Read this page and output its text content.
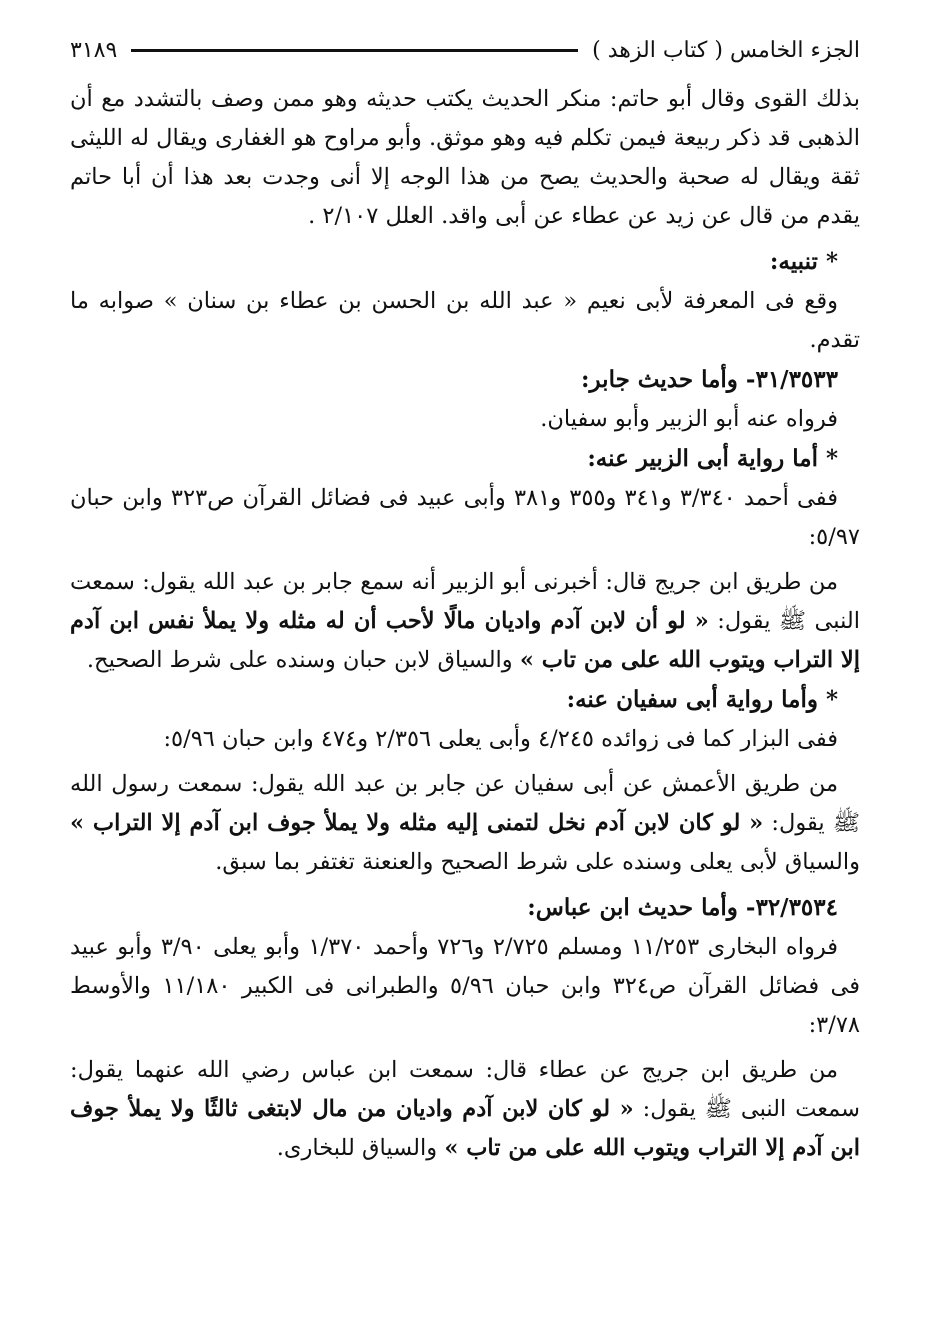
الجزء الخامس ( كتاب الزهد )
٣١٨٩

بذلك القوى وقال أبو حاتم: منكر الحديث يكتب حديثه وهو ممن وصف بالتشدد مع أن الذهبى قد ذكر ربيعة فيمن تكلم فيه وهو موثق. وأبو مراوح هو الغفارى ويقال له الليثى ثقة ويقال له صحبة والحديث يصح من هذا الوجه إلا أنى وجدت بعد هذا أن أبا حاتم يقدم من قال عن زيد عن عطاء عن أبى واقد. العلل ٢/١٠٧ .

* تنبيه:

وقع فى المعرفة لأبى نعيم « عبد الله بن الحسن بن عطاء بن سنان » صوابه ما تقدم.

٣١/٣٥٣٣- وأما حديث جابر:

فرواه عنه أبو الزبير وأبو سفيان.

* أما رواية أبى الزبير عنه:

ففى أحمد ٣/٣٤٠ و٣٤١ و٣٥٥ و٣٨١ وأبى عبيد فى فضائل القرآن ص٣٢٣ وابن حبان ٥/٩٧:

من طريق ابن جريج قال: أخبرنى أبو الزبير أنه سمع جابر بن عبد الله يقول: سمعت النبى ﷺ يقول: « لو أن لابن آدم واديان مالًا لأحب أن له مثله ولا يملأ نفس ابن آدم إلا التراب ويتوب الله على من تاب » والسياق لابن حبان وسنده على شرط الصحيح.

* وأما رواية أبى سفيان عنه:

ففى البزار كما فى زوائده ٤/٢٤٥ وأبى يعلى ٢/٣٥٦ و٤٧٤ وابن حبان ٥/٩٦:

من طريق الأعمش عن أبى سفيان عن جابر بن عبد الله يقول: سمعت رسول الله ﷺ يقول: « لو كان لابن آدم نخل لتمنى إليه مثله ولا يملأ جوف ابن آدم إلا التراب » والسياق لأبى يعلى وسنده على شرط الصحيح والعنعنة تغتفر بما سبق.

٣٢/٣٥٣٤- وأما حديث ابن عباس:

فرواه البخارى ١١/٢٥٣ ومسلم ٢/٧٢٥ و٧٢٦ وأحمد ١/٣٧٠ وأبو يعلى ٣/٩٠ وأبو عبيد فى فضائل القرآن ص٣٢٤ وابن حبان ٥/٩٦ والطبرانى فى الكبير ١١/١٨٠ والأوسط ٣/٧٨:

من طريق ابن جريج عن عطاء قال: سمعت ابن عباس رضي الله عنهما يقول: سمعت النبى ﷺ يقول: « لو كان لابن آدم واديان من مال لابتغى ثالثًا ولا يملأ جوف ابن آدم إلا التراب ويتوب الله على من تاب » والسياق للبخارى.
